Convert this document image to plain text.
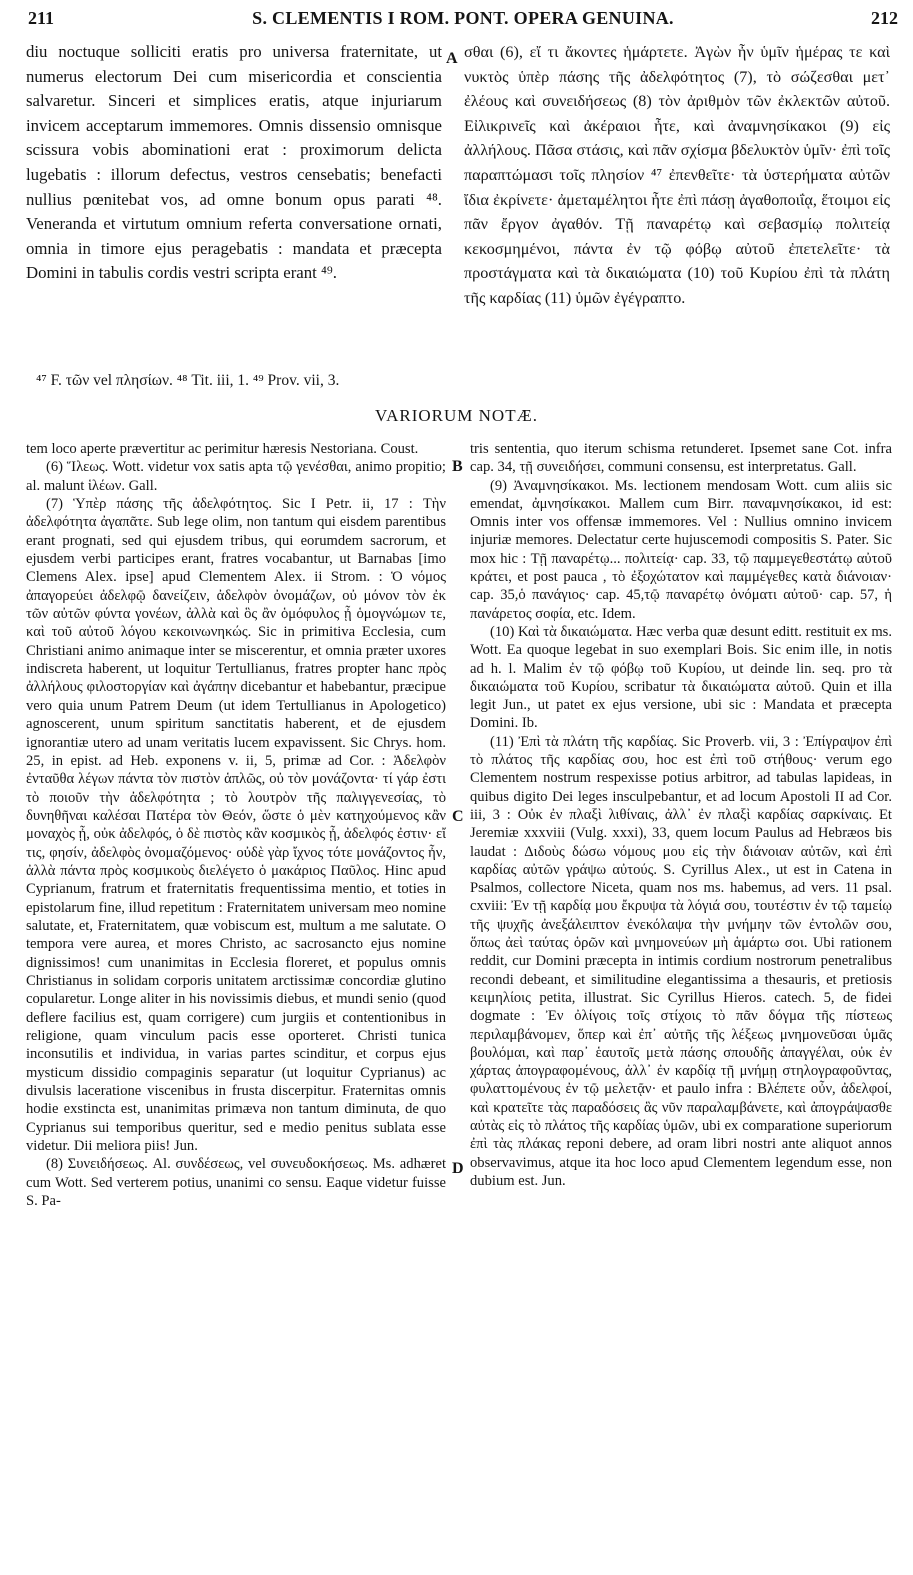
211	S. CLEMENTIS I ROM. PONT. OPERA GENUINA.	212
A
B
C
D

diu noctuque solliciti eratis pro universa fraternitate, ut numerus electorum Dei cum misericordia et conscientia salvaretur. Sinceri et simplices eratis, atque injuriarum invicem acceptarum immemores. Omnis dissensio omnisque scissura vobis abominationi erat : proximorum delicta lugebatis : illorum defectus, vestros censebatis; benefacti nullius pœnitebat vos, ad omne bonum opus parati ⁴⁸. Veneranda et virtutum omnium referta conversatione ornati, omnia in timore ejus peragebatis : mandata et præcepta Domini in tabulis cordis vestri scripta erant ⁴⁹.

σθαι (6), εἴ τι ἄκοντες ἡμάρτετε. Ἀγὼν ἦν ὑμῖν ἡμέρας τε καὶ νυκτὸς ὑπὲρ πάσης τῆς ἀδελφότητος (7), τὸ σώζεσθαι μετ᾽ ἐλέους καὶ συνειδήσεως (8) τὸν ἀριθμὸν τῶν ἐκλεκτῶν αὐτοῦ. Εἰλικρινεῖς καὶ ἀκέραιοι ἦτε, καὶ ἀναμνησίκακοι (9) εἰς ἀλλήλους. Πᾶσα στάσις, καὶ πᾶν σχίσμα βδελυκτὸν ὑμῖν· ἐπὶ τοῖς παραπτώμασι τοῖς πλησίον ⁴⁷ ἐπενθεῖτε· τὰ ὑστερήματα αὐτῶν ἴδια ἐκρίνετε· ἀμεταμέλητοι ἦτε ἐπὶ πάσῃ ἀγαθοποιΐᾳ, ἕτοιμοι εἰς πᾶν ἔργον ἀγαθόν. Τῇ παναρέτῳ καὶ σεβασμίῳ πολιτείᾳ κεκοσμημένοι, πάντα ἐν τῷ φόβῳ αὐτοῦ ἐπετελεῖτε· τὰ προστάγματα καὶ τὰ δικαιώματα (10) τοῦ Κυρίου ἐπὶ τὰ πλάτη τῆς καρδίας (11) ὑμῶν ἐγέγραπτο.

⁴⁷ F. τῶν vel πλησίων. ⁴⁸ Tit. iii, 1. ⁴⁹ Prov. vii, 3.
VARIORUM NOTÆ.

tem loco aperte prævertitur ac perimitur hæresis Nestoriana. Coust.

(6) Ἵλεως. Wott. videtur vox satis apta τῷ γενέσθαι, animo propitio; al. malunt ἱλέων. Gall.

(7) Ὑπὲρ πάσης τῆς ἀδελφότητος. Sic I Petr. ii, 17 : Τὴν ἀδελφότητα ἀγαπᾶτε. Sub lege olim, non tantum qui eisdem parentibus erant prognati, sed qui ejusdem tribus, qui eorumdem sacrorum, et ejusdem verbi participes erant, fratres vocabantur, ut Barnabas [imo Clemens Alex. ipse] apud Clementem Alex. ii Strom. : Ὁ νόμος ἀπαγορεύει ἀδελφῷ δανείζειν, ἀδελφὸν ὀνομάζων, οὐ μόνον τὸν ἐκ τῶν αὐτῶν φύντα γονέων, ἀλλὰ καὶ ὃς ἂν ὁμόφυλος ᾖ ὁμογνώμων τε, καὶ τοῦ αὐτοῦ λόγου κεκοινωνηκώς. Sic in primitiva Ecclesia, cum Christiani animo animaque inter se miscerentur, et omnia præter uxores indiscreta haberent, ut loquitur Tertullianus, fratres propter hanc πρὸς ἀλλήλους φιλοστοργίαν καὶ ἀγάπην dicebantur et habebantur, præcipue vero quia unum Patrem Deum (ut idem Tertullianus in Apologetico) agnoscerent, unum spiritum sanctitatis haberent, et de ejusdem ignorantiæ utero ad unam veritatis lucem expavissent. Sic Chrys. hom. 25, in epist. ad Heb. exponens v. ii, 5, primæ ad Cor. : Ἀδελφὸν ἐνταῦθα λέγων πάντα τὸν πιστὸν ἁπλῶς, οὐ τὸν μονάζοντα· τί γάρ ἐστι τὸ ποιοῦν τὴν ἀδελφότητα ; τὸ λουτρὸν τῆς παλιγγενεσίας, τὸ δυνηθῆναι καλέσαι Πατέρα τὸν Θεόν, ὥστε ὁ μὲν κατηχούμενος κἂν μοναχὸς ᾖ, οὐκ ἀδελφός, ὁ δὲ πιστὸς κἂν κοσμικὸς ᾖ, ἀδελφός ἐστιν· εἴ τις, φησίν, ἀδελφὸς ὀνομαζόμενος· οὐδὲ γὰρ ἴχνος τότε μονάζοντος ἦν, ἀλλὰ πάντα πρὸς κοσμικοὺς διελέγετο ὁ μακάριος Παῦλος. Hinc apud Cyprianum, fratrum et fraternitatis frequentissima mentio, et toties in epistolarum fine, illud repetitum : Fraternitatem universam meo nomine salutate, et, Fraternitatem, quæ vobiscum est, multum a me salutate. O tempora vere aurea, et mores Christo, ac sacrosancto ejus nomine dignissimos! cum unanimitas in Ecclesia floreret, et populus omnis Christianus in solidam corporis unitatem arctissimæ concordiæ glutino copularetur. Longe aliter in his novissimis diebus, et mundi senio (quod deflere facilius est, quam corrigere) cum jurgiis et contentionibus in religione, quam vinculum pacis esse oporteret. Christi tunica inconsutilis et individua, in varias partes scinditur, et corpus ejus mysticum dissidio compaginis separatur (ut loquitur Cyprianus) ac divulsis laceratione viscenibus in frusta discerpitur. Fraternitas omnis hodie exstincta est, unanimitas primæva non tantum diminuta, de quo Cyprianus sui temporibus queritur, sed e medio penitus sublata esse videtur. Dii meliora piis! Jun.

(8) Συνειδήσεως. Al. συνδέσεως, vel συνευδοκήσεως. Ms. adhæret cum Wott. Sed verterem potius, unanimi co sensu. Eaque videtur fuisse S. Pa-

tris sententia, quo iterum schisma retunderet. Ipsemet sane Cot. infra cap. 34, τῇ συνειδήσει, communi consensu, est interpretatus. Gall.

(9) Ἀναμνησίκακοι. Ms. lectionem mendosam Wott. cum aliis sic emendat, ἀμνησίκακοι. Mallem cum Birr. παναμνησίκακοι, id est: Omnis inter vos offensæ immemores. Vel : Nullius omnino invicem injuriæ memores. Delectatur certe hujuscemodi compositis S. Pater. Sic mox hic : Τῇ παναρέτῳ... πολιτείᾳ· cap. 33, τῷ παμμεγεθεστάτῳ αὐτοῦ κράτει, et post pauca , τὸ ἐξοχώτατον καὶ παμμέγεθες κατὰ διάνοιαν· cap. 35,ὁ πανάγιος· cap. 45,τῷ παναρέτῳ ὀνόματι αὐτοῦ· cap. 57, ἡ πανάρετος σοφία, etc. Idem.

(10) Καὶ τὰ δικαιώματα. Hæc verba quæ desunt editt. restituit ex ms. Wott. Ea quoque legebat in suo exemplari Bois. Sic enim ille, in notis ad h. l. Malim ἐν τῷ φόβῳ τοῦ Κυρίου, ut deinde lin. seq. pro τὰ δικαιώματα τοῦ Κυρίου, scribatur τὰ δικαιώματα αὐτοῦ. Quin et illa legit Jun., ut patet ex ejus versione, ubi sic : Mandata et præcepta Domini. Ib.

(11) Ἐπὶ τὰ πλάτη τῆς καρδίας. Sic Proverb. vii, 3 : Ἐπίγραψον ἐπὶ τὸ πλάτος τῆς καρδίας σου, hoc est ἐπὶ τοῦ στήθους· verum ego Clementem nostrum respexisse potius arbitror, ad tabulas lapideas, in quibus digito Dei leges insculpebantur, et ad locum Apostoli II ad Cor. iii, 3 : Οὐκ ἐν πλαξὶ λιθίναις, ἀλλ᾽ ἐν πλαξὶ καρδίας σαρκίναις. Et Jeremiæ xxxviii (Vulg. xxxi), 33, quem locum Paulus ad Hebræos bis laudat : Διδοὺς δώσω νόμους μου εἰς τὴν διάνοιαν αὐτῶν, καὶ ἐπὶ καρδίας αὐτῶν γράψω αὐτούς. S. Cyrillus Alex., ut est in Catena in Psalmos, collectore Niceta, quam nos ms. habemus, ad vers. 11 psal. cxviii: Ἐν τῇ καρδίᾳ μου ἔκρυψα τὰ λόγιά σου, τουτέστιν ἐν τῷ ταμείῳ τῆς ψυχῆς ἀνεξάλειπτον ἐνεκόλαψα τὴν μνήμην τῶν ἐντολῶν σου, ὅπως ἀεὶ ταύτας ὁρῶν καὶ μνημονεύων μὴ ἁμάρτω σοι. Ubi rationem reddit, cur Domini præcepta in intimis cordium nostrorum penetralibus recondi debeant, et similitudine elegantissima a thesauris, et pretiosis κειμηλίοις petita, illustrat. Sic Cyrillus Hieros. catech. 5, de fidei dogmate : Ἐν ὀλίγοις τοῖς στίχοις τὸ πᾶν δόγμα τῆς πίστεως περιλαμβάνομεν, ὅπερ καὶ ἐπ᾽ αὐτῆς τῆς λέξεως μνημονεῦσαι ὑμᾶς βουλόμαι, καὶ παρ᾽ ἑαυτοῖς μετὰ πάσης σπουδῆς ἀπαγγέλαι, οὐκ ἐν χάρτας ἀπογραφομένους, ἀλλ᾽ ἐν καρδίᾳ τῇ μνήμῃ στηλογραφοῦντας, φυλαττομένους ἐν τῷ μελετᾷν· et paulo infra : Βλέπετε οὖν, ἀδελφοί, καὶ κρατεῖτε τὰς παραδόσεις ἃς νῦν παραλαμβάνετε, καὶ ἀπογράψασθε αὐτὰς εἰς τὸ πλάτος τῆς καρδίας ὑμῶν, ubi ex comparatione superiorum ἐπὶ τὰς πλάκας reponi debere, ad oram libri nostri ante aliquot annos observavimus, atque ita hoc loco apud Clementem legendum esse, non dubium est. Jun.
